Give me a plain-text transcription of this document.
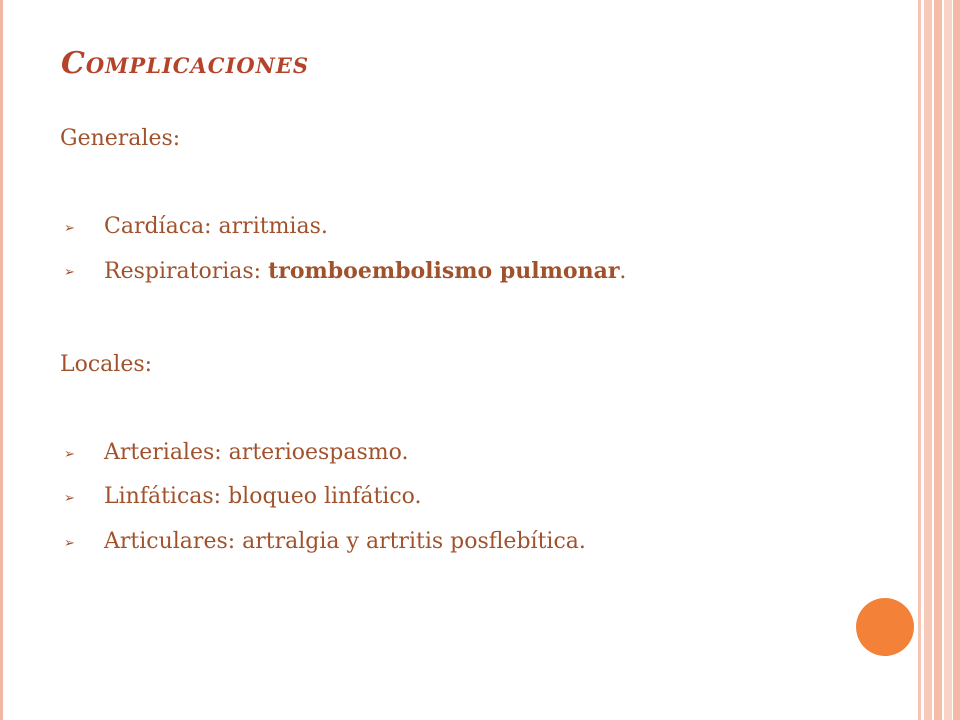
Complicaciones
Generales:
➢ Cardíaca: arritmias.
➢ Respiratorias: tromboembolismo pulmonar.
Locales:
➢ Arteriales: arterioespasmo.
➢ Linfáticas: bloqueo linfático.
➢ Articulares: artralgia y artritis posflebítica.
